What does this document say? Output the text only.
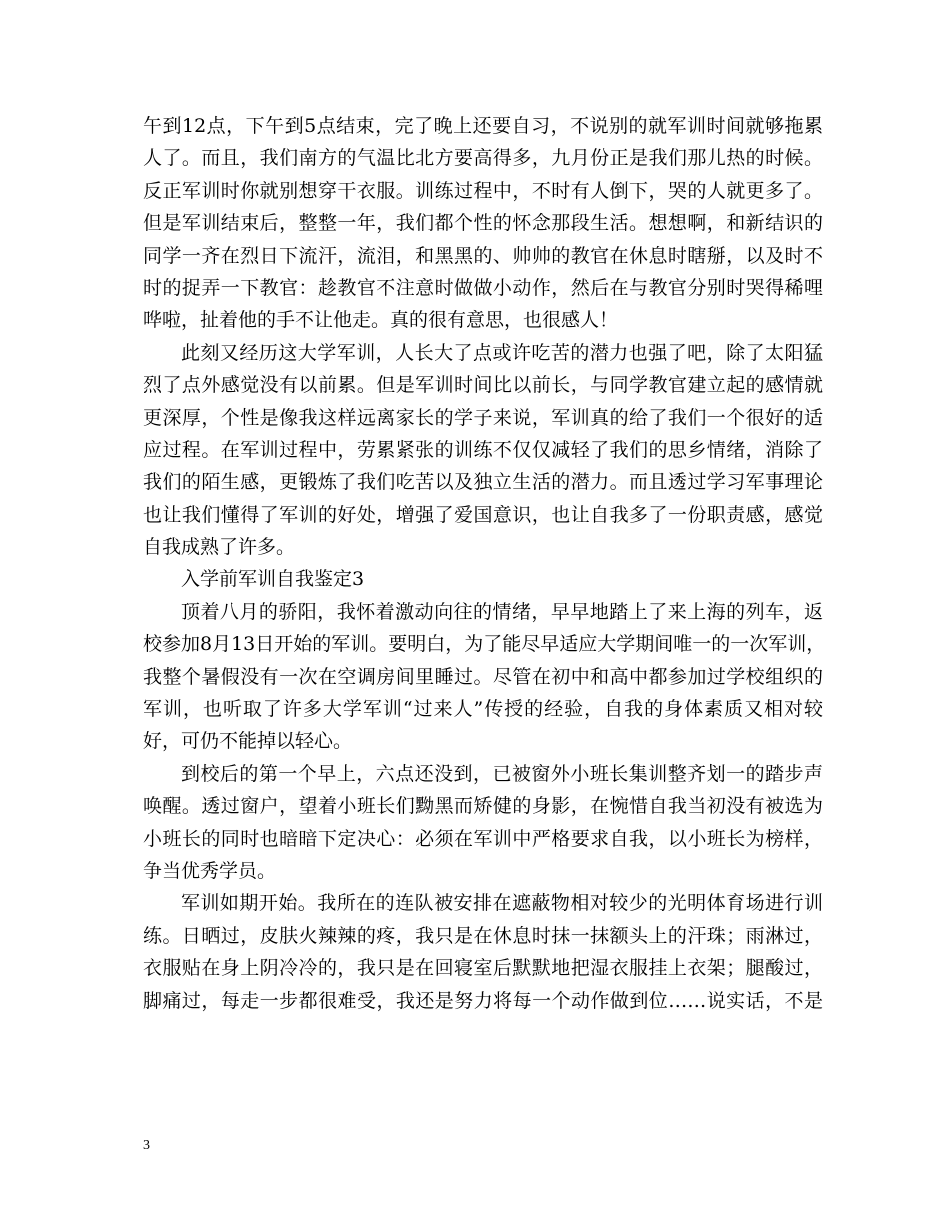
午到12点，下午到5点结束，完了晚上还要自习，不说别的就军训时间就够拖累
人了。而且，我们南方的气温比北方要高得多，九月份正是我们那儿热的时候。
反正军训时你就别想穿干衣服。训练过程中，不时有人倒下，哭的人就更多了。
但是军训结束后，整整一年，我们都个性的怀念那段生活。想想啊，和新结识的
同学一齐在烈日下流汗，流泪，和黑黑的、帅帅的教官在休息时瞎掰，以及时不
时的捉弄一下教官：趁教官不注意时做做小动作，然后在与教官分别时哭得稀哩
哗啦，扯着他的手不让他走。真的很有意思，也很感人！
此刻又经历这大学军训，人长大了点或许吃苦的潜力也强了吧，除了太阳猛
烈了点外感觉没有以前累。但是军训时间比以前长，与同学教官建立起的感情就
更深厚，个性是像我这样远离家长的学子来说，军训真的给了我们一个很好的适
应过程。在军训过程中，劳累紧张的训练不仅仅减轻了我们的思乡情绪，消除了
我们的陌生感，更锻炼了我们吃苦以及独立生活的潜力。而且透过学习军事理论
也让我们懂得了军训的好处，增强了爱国意识，也让自我多了一份职责感，感觉
自我成熟了许多。
入学前军训自我鉴定3
顶着八月的骄阳，我怀着激动向往的情绪，早早地踏上了来上海的列车，返
校参加8月13日开始的军训。要明白，为了能尽早适应大学期间唯一的一次军训，
我整个暑假没有一次在空调房间里睡过。尽管在初中和高中都参加过学校组织的
军训，也听取了许多大学军训“过来人”传授的经验，自我的身体素质又相对较
好，可仍不能掉以轻心。
到校后的第一个早上，六点还没到，已被窗外小班长集训整齐划一的踏步声
唤醒。透过窗户，望着小班长们黝黑而矫健的身影，在惋惜自我当初没有被选为
小班长的同时也暗暗下定决心：必须在军训中严格要求自我，以小班长为榜样，
争当优秀学员。
军训如期开始。我所在的连队被安排在遮蔽物相对较少的光明体育场进行训
练。日晒过，皮肤火辣辣的疼，我只是在休息时抹一抹额头上的汗珠；雨淋过，
衣服贴在身上阴冷冷的，我只是在回寝室后默默地把湿衣服挂上衣架；腿酸过，
脚痛过，每走一步都很难受，我还是努力将每一个动作做到位……说实话，不是
3
